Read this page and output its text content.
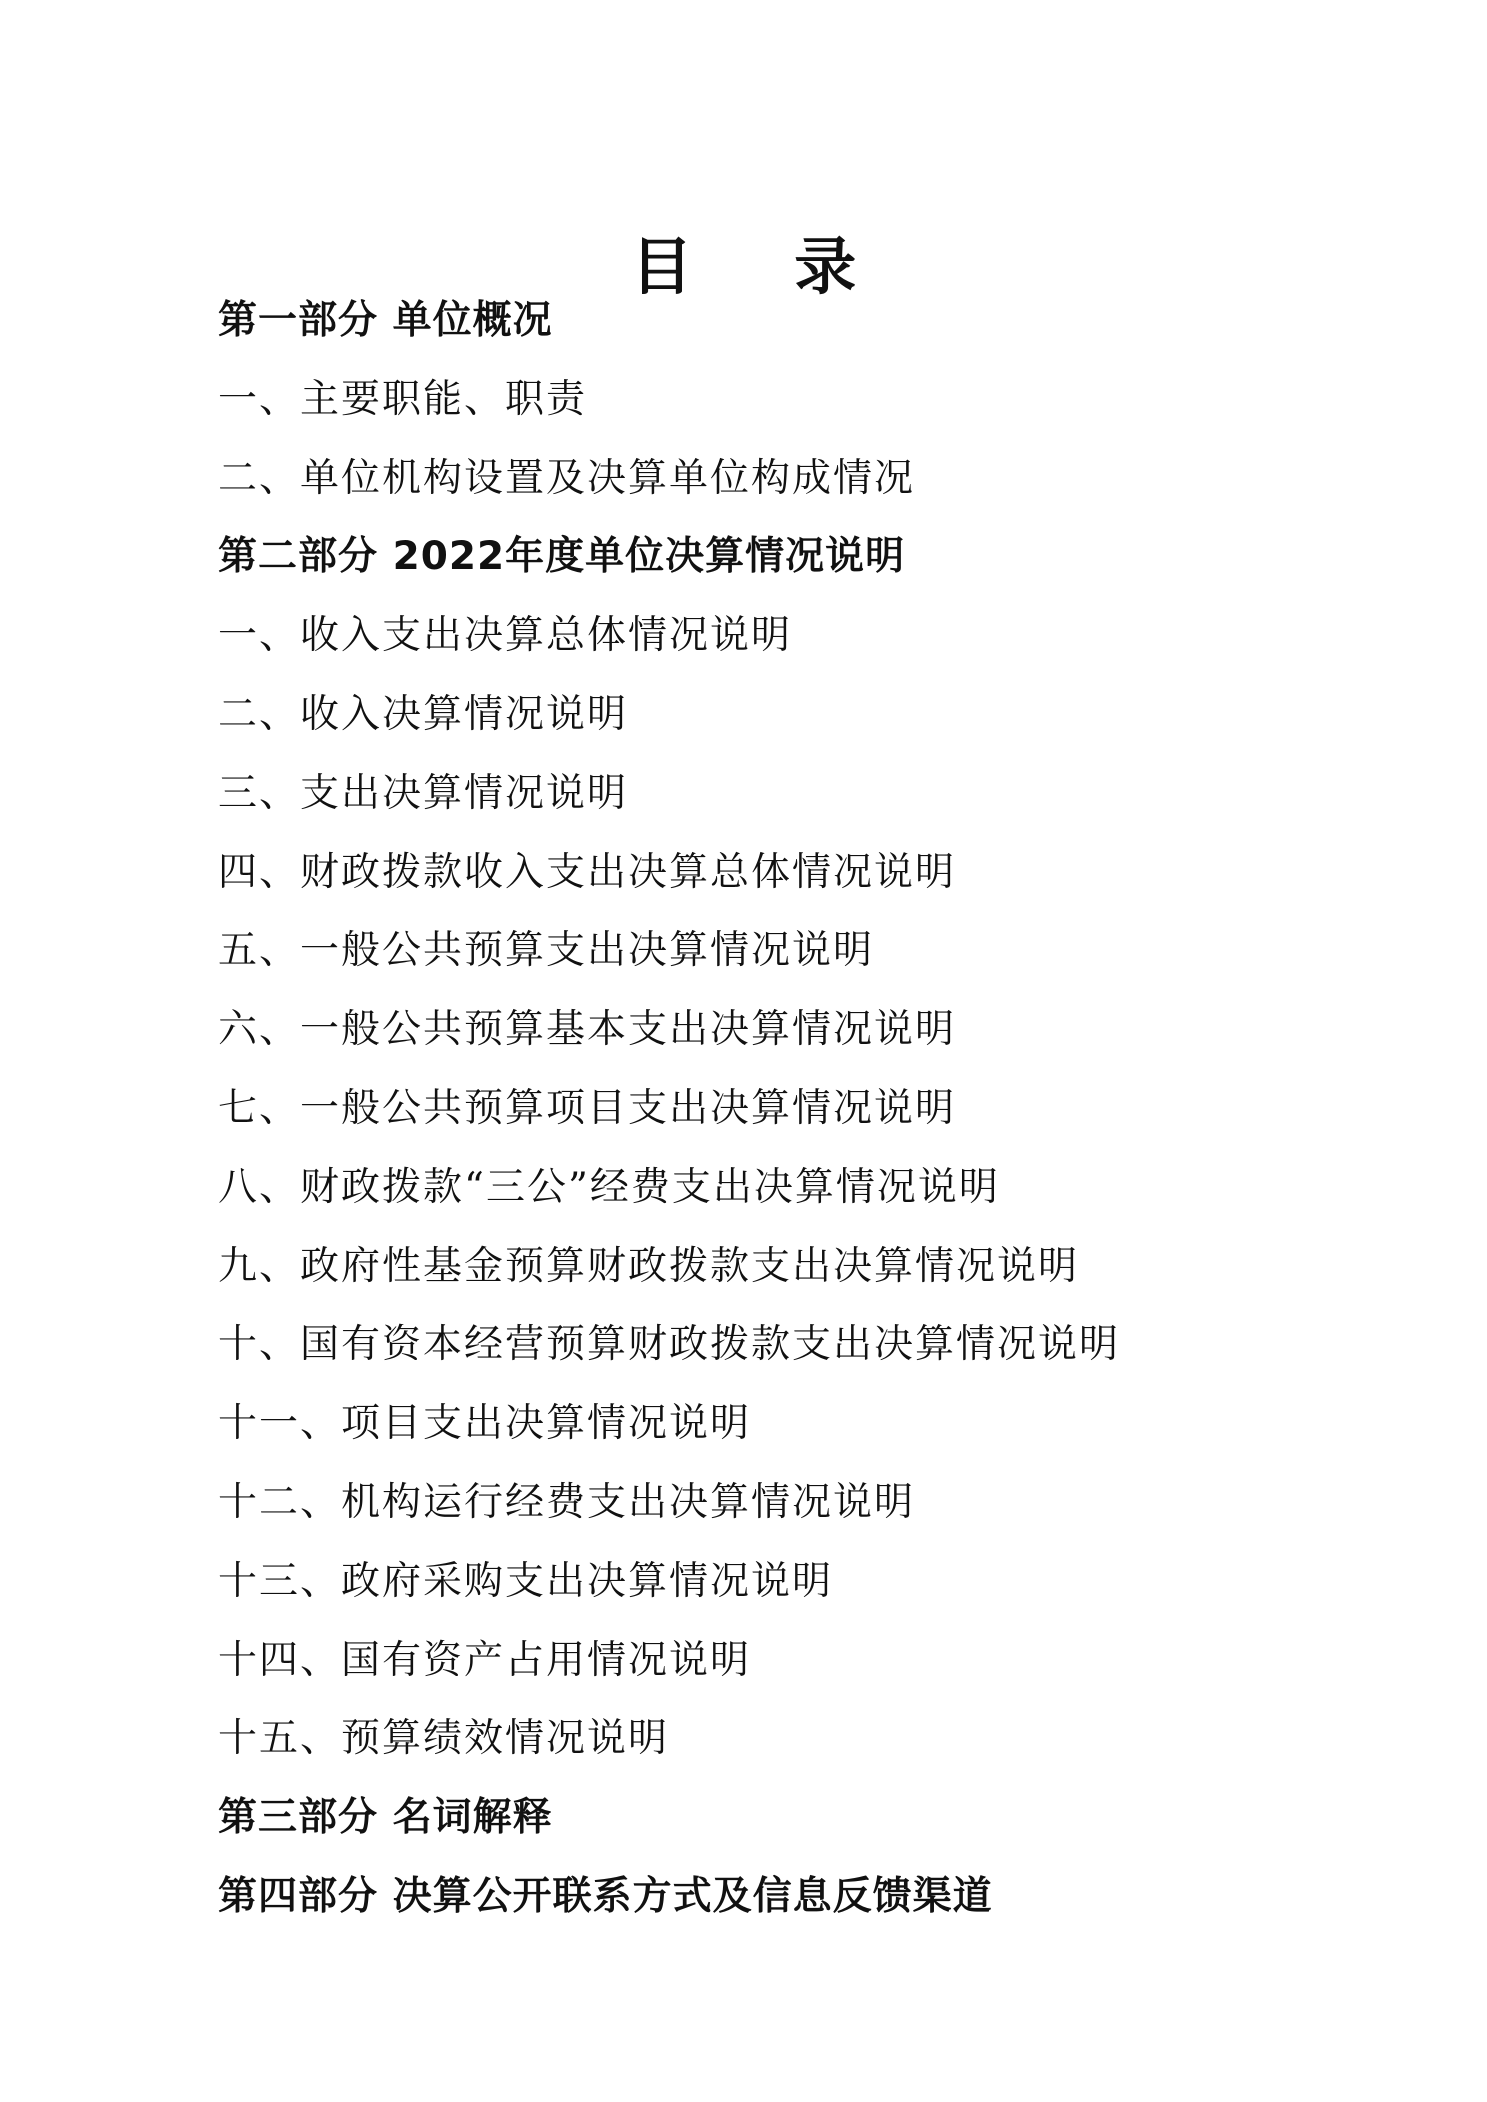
目 录
第一部分 单位概况
一、主要职能、职责
二、单位机构设置及决算单位构成情况
第二部分 2022年度单位决算情况说明
一、收入支出决算总体情况说明
二、收入决算情况说明
三、支出决算情况说明
四、财政拨款收入支出决算总体情况说明
五、一般公共预算支出决算情况说明
六、一般公共预算基本支出决算情况说明
七、一般公共预算项目支出决算情况说明
八、财政拨款“三公”经费支出决算情况说明
九、政府性基金预算财政拨款支出决算情况说明
十、国有资本经营预算财政拨款支出决算情况说明
十一、项目支出决算情况说明
十二、机构运行经费支出决算情况说明
十三、政府采购支出决算情况说明
十四、国有资产占用情况说明
十五、预算绩效情况说明
第三部分 名词解释
第四部分 决算公开联系方式及信息反馈渠道
